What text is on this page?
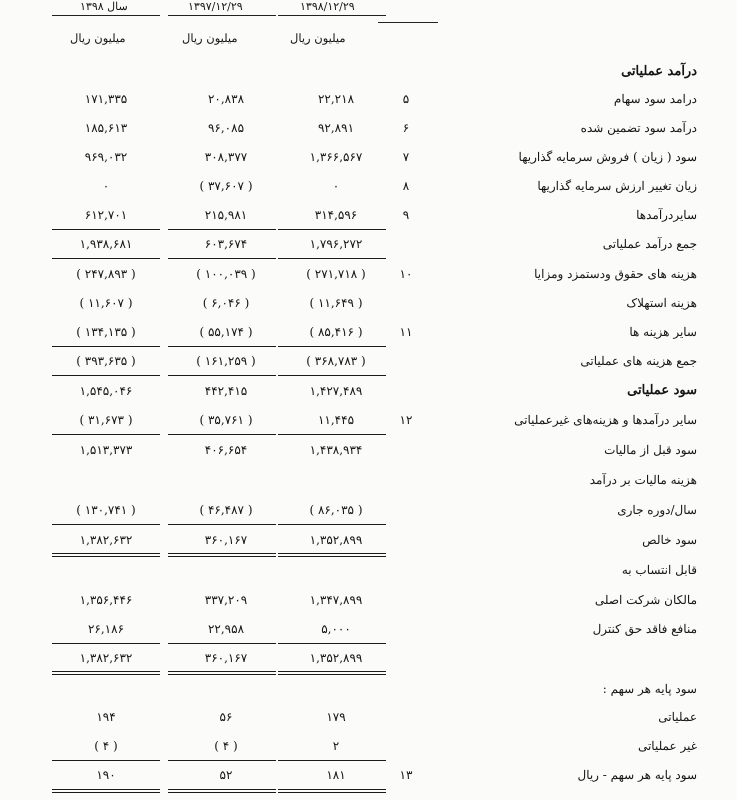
سال ۱۳۹۸	۱۳۹۷/۱۲/۲۹	۱۳۹۸/۱۲/۲۹
میلیون ریال	میلیون ریال	میلیون ریال
درآمد عملیاتی
۱۷۱,۳۳۵	۲۰,۸۳۸	۲۲,۲۱۸	۵	درامد سود سهام
۱۸۵,۶۱۳	۹۶,۰۸۵	۹۲,۸۹۱	۶	درآمد سود تضمین شده
۹۶۹,۰۳۲	۳۰۸,۳۷۷	۱,۳۶۶,۵۶۷	۷	سود ( زیان ) فروش سرمایه گذاریها
۰	( ۳۷,۶۰۷ )	۰	۸	زیان تغییر ارزش سرمایه گذاریها
۶۱۲,۷۰۱	۲۱۵,۹۸۱	۳۱۴,۵۹۶	۹	سایردرآمدها
۱,۹۳۸,۶۸۱	۶۰۳,۶۷۴	۱,۷۹۶,۲۷۲	جمع درآمد عملیاتی
( ۲۴۷,۸۹۳ )	( ۱۰۰,۰۳۹ )	( ۲۷۱,۷۱۸ )	۱۰	هزینه های حقوق ودستمزد ومزایا
( ۱۱,۶۰۷ )	( ۶,۰۴۶ )	( ۱۱,۶۴۹ )	هزینه استهلاک
( ۱۳۴,۱۳۵ )	( ۵۵,۱۷۴ )	( ۸۵,۴۱۶ )	۱۱	سایر هزینه ها
( ۳۹۳,۶۳۵ )	( ۱۶۱,۲۵۹ )	( ۳۶۸,۷۸۳ )	جمع هزینه های عملیاتی
۱,۵۴۵,۰۴۶	۴۴۲,۴۱۵	۱,۴۲۷,۴۸۹	سود عملیاتی
( ۳۱,۶۷۳ )	( ۳۵,۷۶۱ )	۱۱,۴۴۵	۱۲	سایر درآمدها و هزینه‌های غیرعملیاتی
۱,۵۱۳,۳۷۳	۴۰۶,۶۵۴	۱,۴۳۸,۹۳۴	سود قبل از مالیات
هزینه مالیات بر درآمد
( ۱۳۰,۷۴۱ )	( ۴۶,۴۸۷ )	( ۸۶,۰۳۵ )	سال/دوره جاری
۱,۳۸۲,۶۳۲	۳۶۰,۱۶۷	۱,۳۵۲,۸۹۹	سود خالص
قابل انتساب به
۱,۳۵۶,۴۴۶	۳۳۷,۲۰۹	۱,۳۴۷,۸۹۹	مالکان شرکت اصلی
۲۶,۱۸۶	۲۲,۹۵۸	۵,۰۰۰	منافع فاقد حق کنترل
۱,۳۸۲,۶۳۲	۳۶۰,۱۶۷	۱,۳۵۲,۸۹۹
سود پایه هر سهم :
۱۹۴	۵۶	۱۷۹	عملیاتی
( ۴ )	( ۴ )	۲	غیر عملیاتی
۱۹۰	۵۲	۱۸۱	۱۳	سود پایه هر سهم - ریال
